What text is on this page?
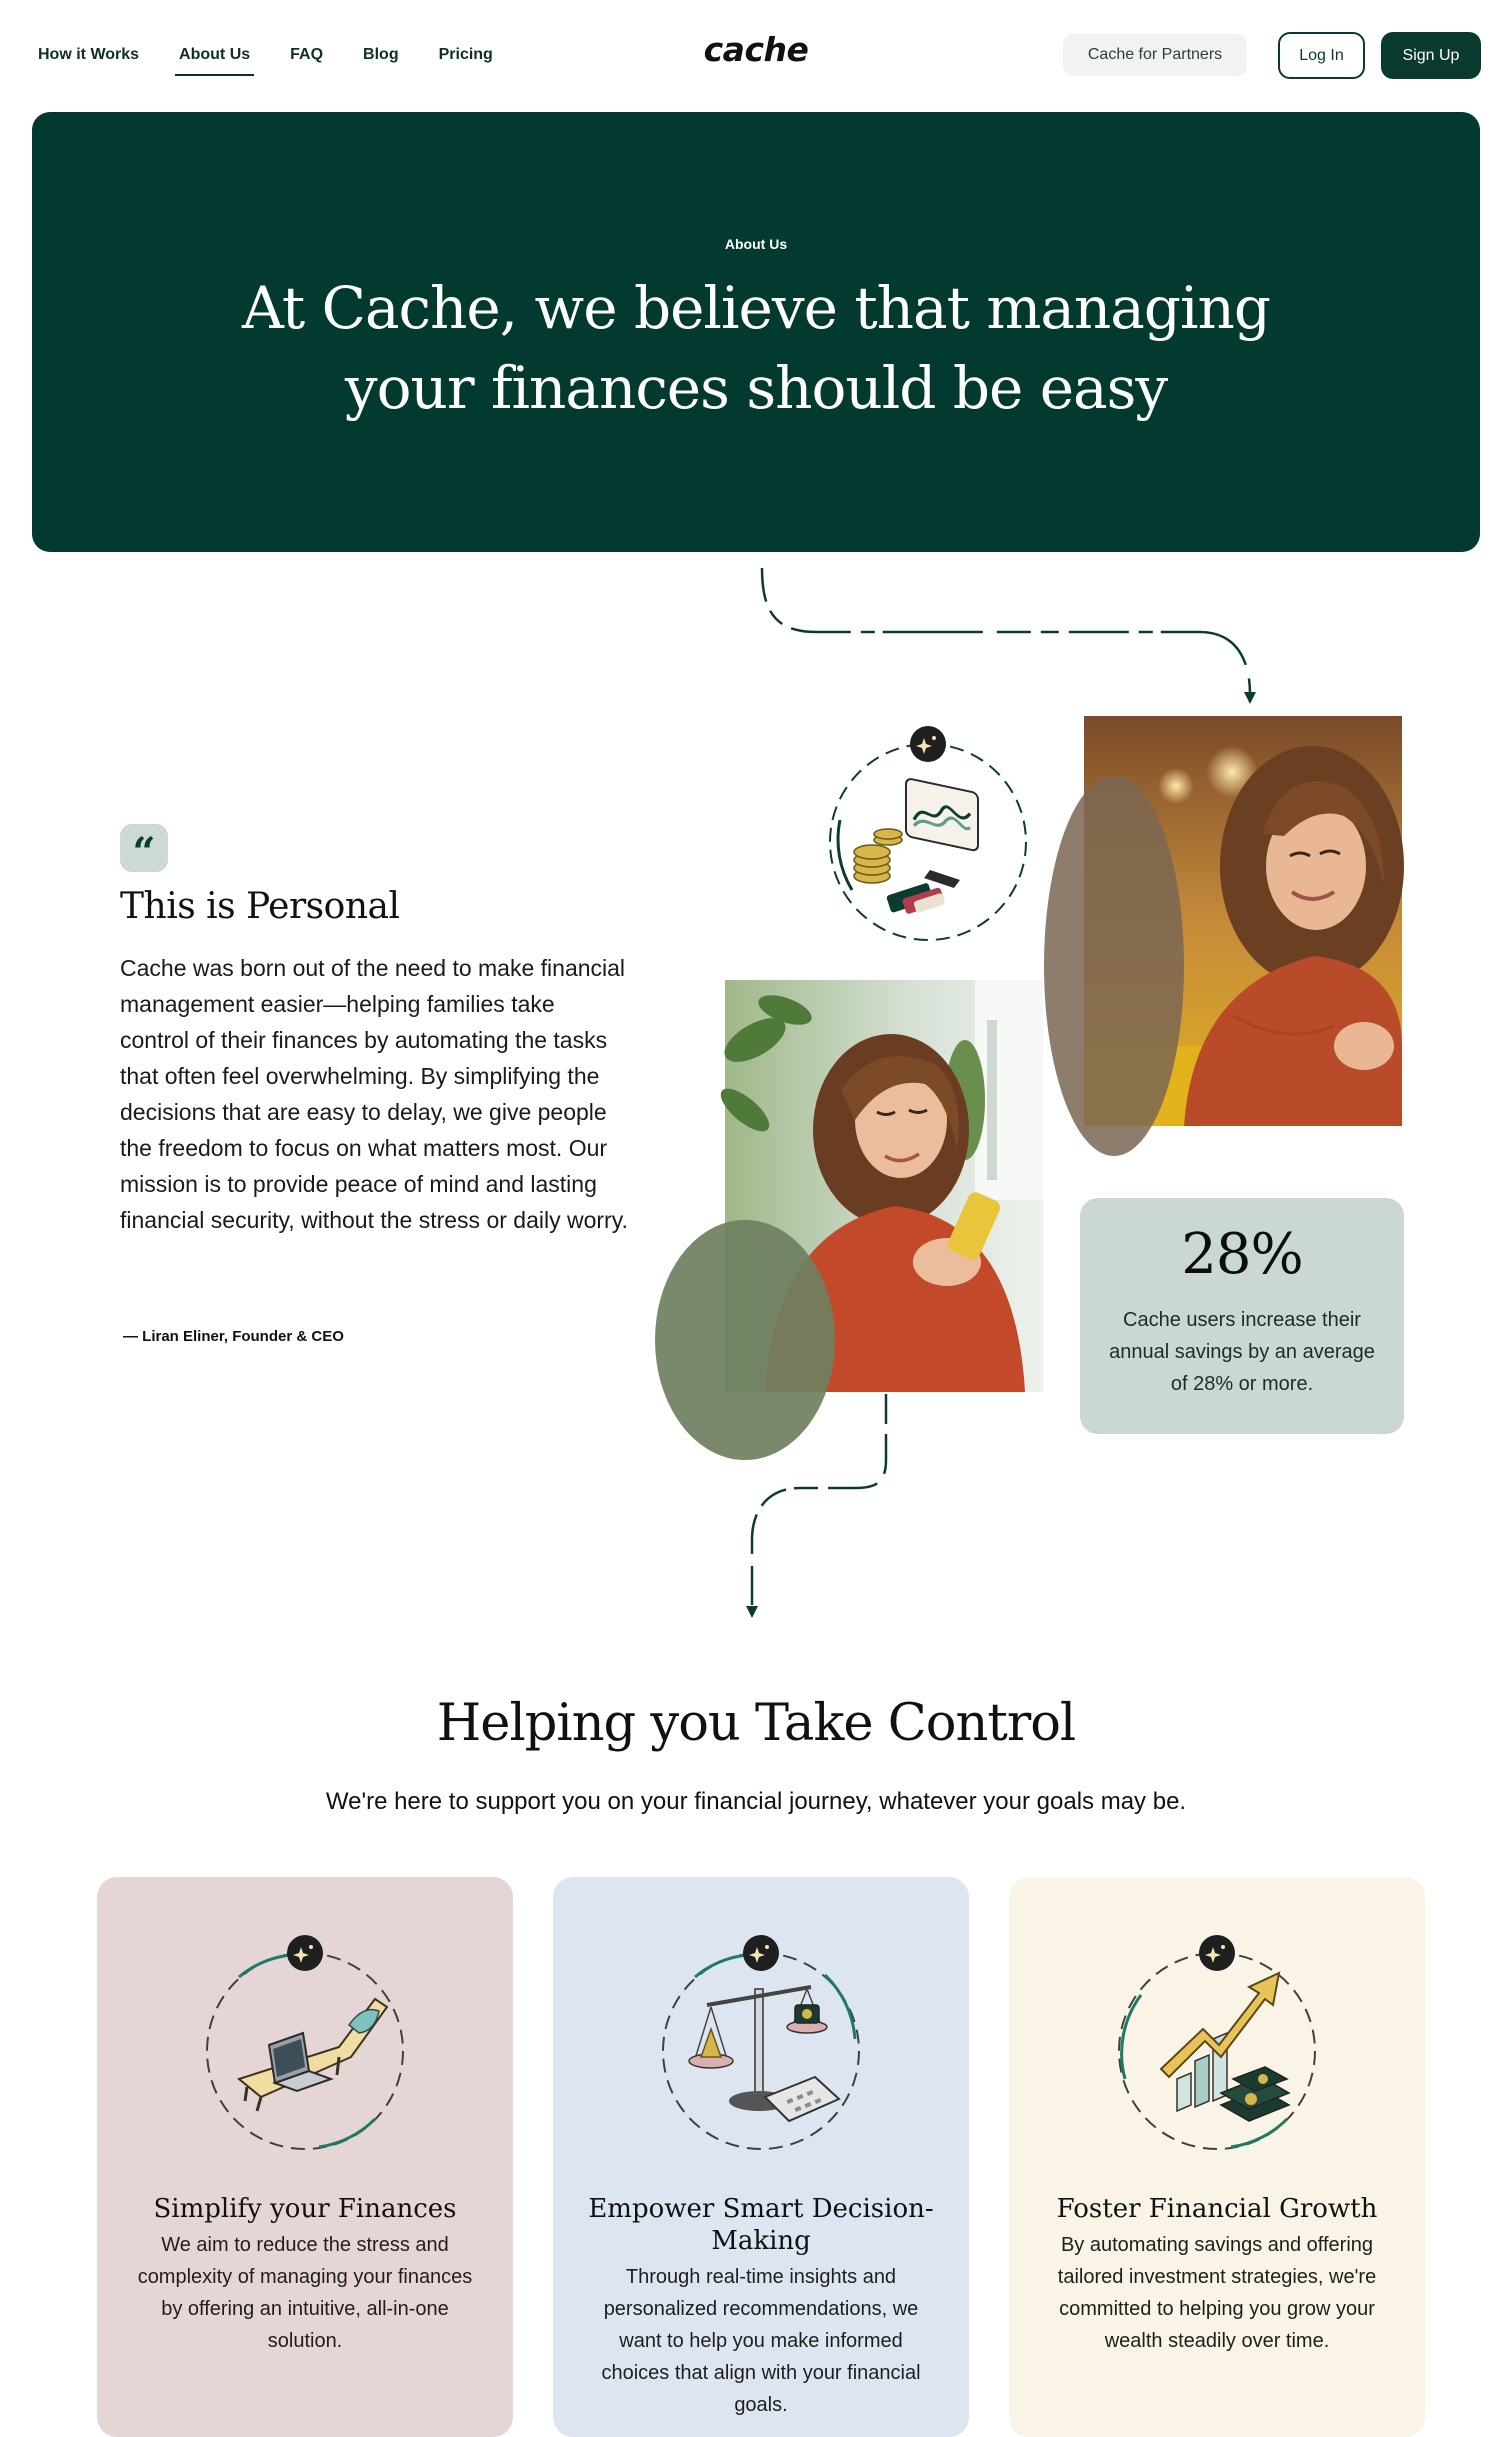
How it Works	About Us	FAQ	Blog	Pricing	cache	Cache for Partners	Log In	Sign Up
About Us
At Cache, we believe that managing your finances should be easy
“
This is Personal

Cache was born out of the need to make financial management easier—helping families take control of their finances by automating the tasks that often feel overwhelming. By simplifying the decisions that are easy to delay, we give people the freedom to focus on what matters most. Our mission is to provide peace of mind and lasting financial security, without the stress or daily worry.

— Liran Eliner, Founder & CEO
28%
Cache users increase their annual savings by an average of 28% or more.
Helping you Take Control

We're here to support you on your financial journey, whatever your goals may be.

Simplify your Finances

We aim to reduce the stress and complexity of managing your finances by offering an intuitive, all-in-one solution.

Empower Smart Decision-Making

Through real-time insights and personalized recommendations, we want to help you make informed choices that align with your financial goals.

Foster Financial Growth

By automating savings and offering tailored investment strategies, we're committed to helping you grow your wealth steadily over time.
